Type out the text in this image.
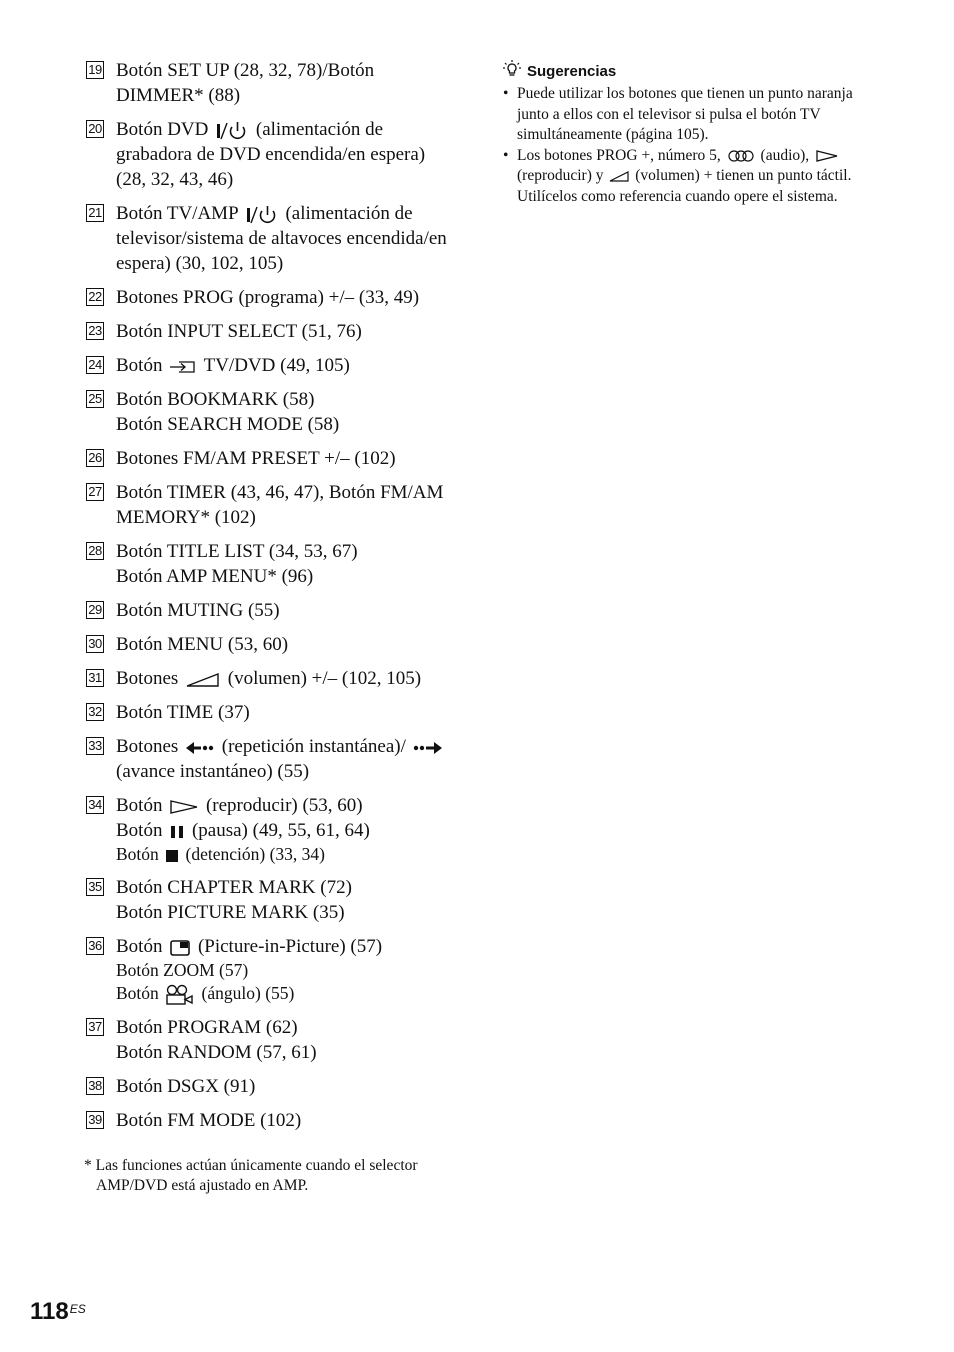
19 Botón SET UP (28, 32, 78)/Botón
DIMMER* (88)
20 Botón DVD
(alimentación de
grabadora de DVD encendida/en espera)
(28, 32, 43, 46)
21 Botón TV/AMP
(alimentación de
televisor/sistema de altavoces encendida/en
espera) (30, 102, 105)
22 Botones PROG (programa) +/– (33, 49)
23 Botón INPUT SELECT (51, 76)
24 Botón
TV/DVD (49, 105)
25 Botón BOOKMARK (58)
Botón SEARCH MODE (58)
26 Botones FM/AM PRESET +/– (102)
27 Botón TIMER (43, 46, 47), Botón FM/AM
MEMORY* (102)
28 Botón TITLE LIST (34, 53, 67)
Botón AMP MENU* (96)
29 Botón MUTING (55)
30 Botón MENU (53, 60)
31 Botones
(volumen) +/– (102, 105)
32 Botón TIME (37)
33 Botones
(repetición instantánea)/
(avance instantáneo) (55)
34 Botón
(reproducir) (53, 60)
Botón
(pausa) (49, 55, 61, 64)
Botón
(detención) (33, 34)
35 Botón CHAPTER MARK (72)
Botón PICTURE MARK (35)
36 Botón
(Picture-in-Picture) (57)
Botón ZOOM (57)
Botón
(ángulo) (55)
37 Botón PROGRAM (62)
Botón RANDOM (57, 61)
38 Botón DSGX (91)
39 Botón FM MODE (102)
* Las funciones actúan únicamente cuando el selector
AMP/DVD está ajustado en AMP.
Sugerencias
• Puede utilizar los botones que tienen un punto naranja
junto a ellos con el televisor si pulsa el botón TV
simultáneamente (página 105).
• Los botones PROG +, número 5,
(audio),
(reproducir) y
(volumen) + tienen un punto táctil.
Utilícelos como referencia cuando opere el sistema.
$118^{ES}$
